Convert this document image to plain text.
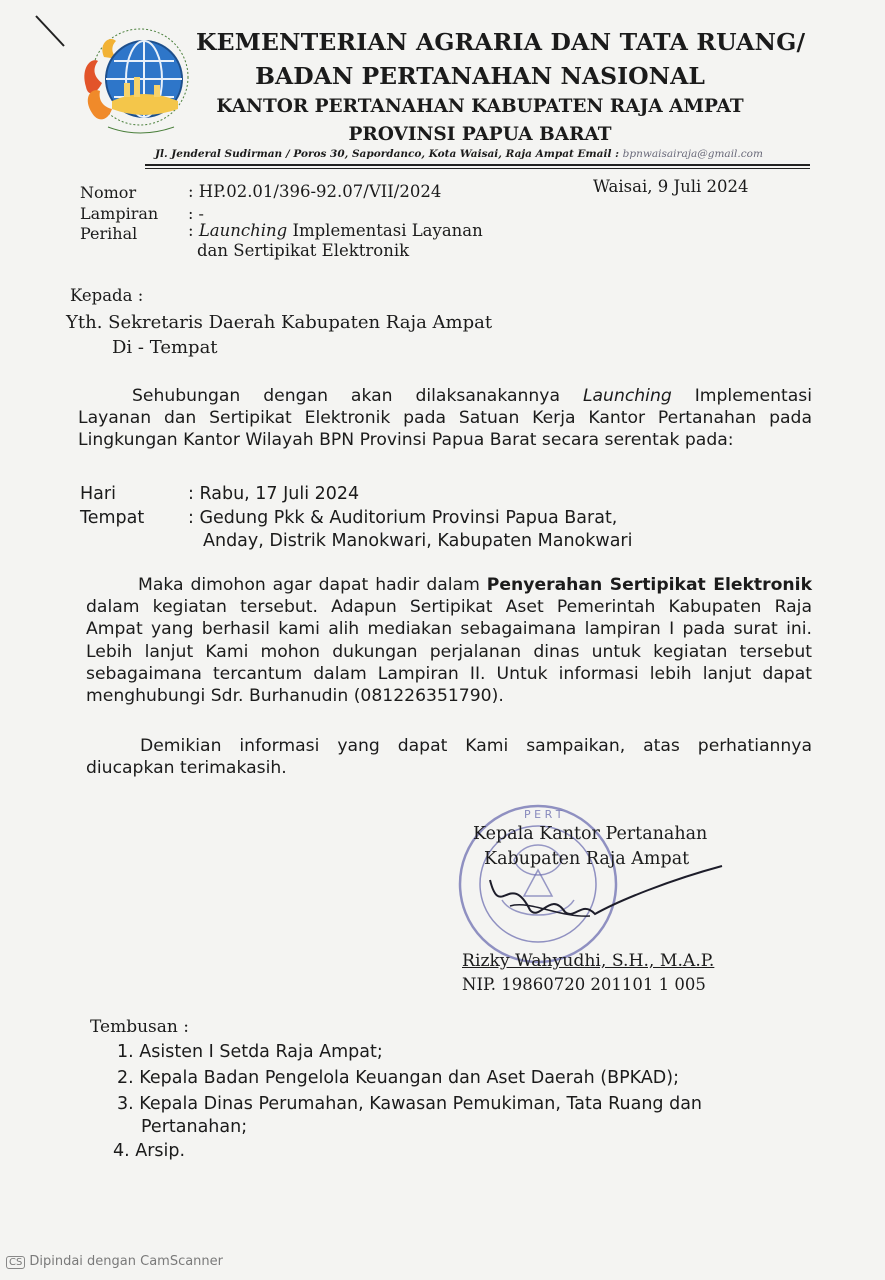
KEMENTERIAN AGRARIA DAN TATA RUANG/
BADAN PERTANAHAN NASIONAL
KANTOR PERTANAHAN KABUPATEN RAJA AMPAT
PROVINSI PAPUA BARAT
Jl. Jenderal Sudirman / Poros 30, Sapordanco, Kota Waisai, Raja Ampat Email : bpnwaisairaja@gmail.com
Nomor	: HP.02.01/396-92.07/VII/2024
Lampiran : -
Perihal	: Launching Implementasi Layanan
dan Sertipikat Elektronik
Waisai, 9 Juli 2024
Kepada :
Yth. Sekretaris Daerah Kabupaten Raja Ampat
Di - Tempat
Sehubungan dengan akan dilaksanakannya Launching Implementasi
Layanan dan Sertipikat Elektronik pada Satuan Kerja Kantor Pertanahan pada
Lingkungan Kantor Wilayah BPN Provinsi Papua Barat secara serentak pada:
Hari	: Rabu, 17 Juli 2024
Tempat	: Gedung Pkk & Auditorium Provinsi Papua Barat,
Anday, Distrik Manokwari, Kabupaten Manokwari
Maka dimohon agar dapat hadir dalam Penyerahan Sertipikat Elektronik
dalam kegiatan tersebut. Adapun Sertipikat Aset Pemerintah Kabupaten Raja
Ampat yang berhasil kami alih mediakan sebagaimana lampiran I pada surat ini.
Lebih lanjut Kami mohon dukungan perjalanan dinas untuk kegiatan tersebut
sebagaimana tercantum dalam Lampiran II. Untuk informasi lebih lanjut dapat
menghubungi Sdr. Burhanudin (081226351790).
Demikian informasi yang dapat Kami sampaikan, atas perhatiannya
diucapkan terimakasih.
P E R T
Kepala Kantor Pertanahan
Kabupaten Raja Ampat
Rizky Wahyudhi, S.H., M.A.P.
NIP. 19860720 201101 1 005
Tembusan :
1. Asisten I Setda Raja Ampat;
2. Kepala Badan Pengelola Keuangan dan Aset Daerah (BPKAD);
3. Kepala Dinas Perumahan, Kawasan Pemukiman, Tata Ruang dan
Pertanahan;
4. Arsip.
CS Dipindai dengan CamScanner
